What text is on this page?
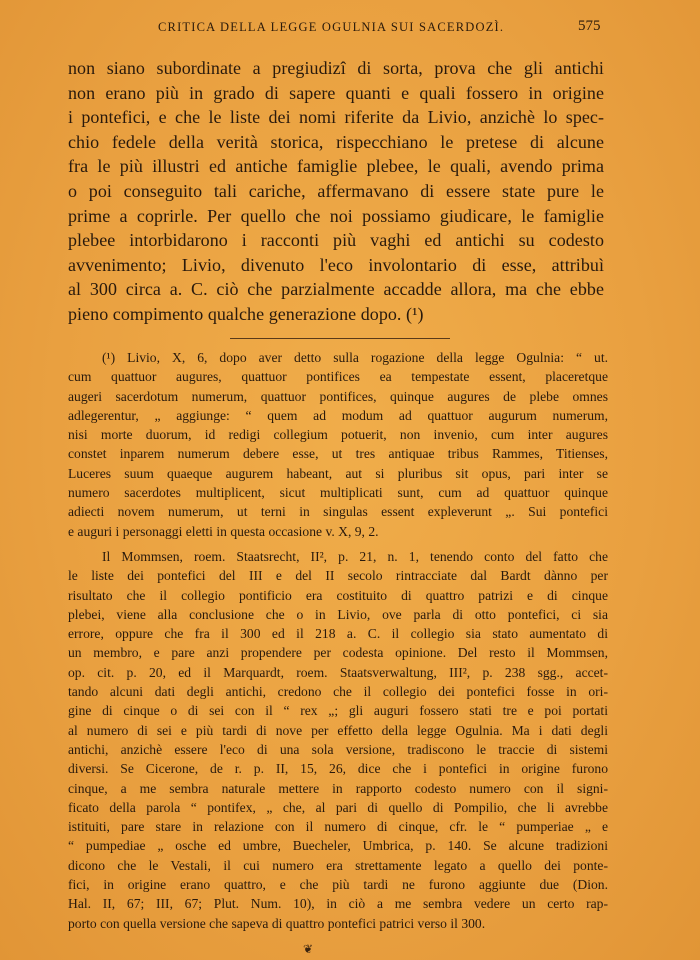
CRITICA DELLA LEGGE OGULNIA SUI SACERDOZÌ.	575
non siano subordinate a pregiudizî di sorta, prova che gli antichi
non erano più in grado di sapere quanti e quali fossero in origine
i pontefici, e che le liste dei nomi riferite da Livio, anzichè lo spec-
chio fedele della verità storica, rispecchiano le pretese di alcune
fra le più illustri ed antiche famiglie plebee, le quali, avendo prima
o poi conseguito tali cariche, affermavano di essere state pure le
prime a coprirle. Per quello che noi possiamo giudicare, le famiglie
plebee intorbidarono i racconti più vaghi ed antichi su codesto
avvenimento; Livio, divenuto l'eco involontario di esse, attribuì
al 300 circa a. C. ciò che parzialmente accadde allora, ma che ebbe
pieno compimento qualche generazione dopo. (¹)
(¹) Livio, X, 6, dopo aver detto sulla rogazione della legge Ogulnia: “ ut.
cum quattuor augures, quattuor pontifices ea tempestate essent, placeretque
augeri sacerdotum numerum, quattuor pontifices, quinque augures de plebe omnes
adlegerentur, „ aggiunge: “ quem ad modum ad quattuor augurum numerum,
nisi morte duorum, id redigi collegium potuerit, non invenio, cum inter augures
constet inparem numerum debere esse, ut tres antiquae tribus Rammes, Titienses,
Luceres suum quaeque augurem habeant, aut si pluribus sit opus, pari inter se
numero sacerdotes multiplicent, sicut multiplicati sunt, cum ad quattuor quinque
adiecti novem numerum, ut terni in singulas essent expleverunt „. Sui pontefici
e auguri i personaggi eletti in questa occasione v. X, 9, 2.
Il Mommsen, roem. Staatsrecht, II², p. 21, n. 1, tenendo conto del fatto che
le liste dei pontefici del III e del II secolo rintracciate dal Bardt dànno per
risultato che il collegio pontificio era costituito di quattro patrizi e di cinque
plebei, viene alla conclusione che o in Livio, ove parla di otto pontefici, ci sia
errore, oppure che fra il 300 ed il 218 a. C. il collegio sia stato aumentato di
un membro, e pare anzi propendere per codesta opinione. Del resto il Mommsen,
op. cit. p. 20, ed il Marquardt, roem. Staatsverwaltung, III², p. 238 sgg., accet-
tando alcuni dati degli antichi, credono che il collegio dei pontefici fosse in ori-
gine di cinque o di sei con il “ rex „; gli auguri fossero stati tre e poi portati
al numero di sei e più tardi di nove per effetto della legge Ogulnia. Ma i dati degli
antichi, anzichè essere l'eco di una sola versione, tradiscono le traccie di sistemi
diversi. Se Cicerone, de r. p. II, 15, 26, dice che i pontefici in origine furono
cinque, a me sembra naturale mettere in rapporto codesto numero con il signi-
ficato della parola “ pontifex, „ che, al pari di quello di Pompilio, che li avrebbe
istituiti, pare stare in relazione con il numero di cinque, cfr. le “ pumperiae „ e
“ pumpediae „ osche ed umbre, Buecheler, Umbrica, p. 140. Se alcune tradizioni
dicono che le Vestali, il cui numero era strettamente legato a quello dei ponte-
fici, in origine erano quattro, e che più tardi ne furono aggiunte due (Dion.
Hal. II, 67; III, 67; Plut. Num. 10), in ciò a me sembra vedere un certo rap-
porto con quella versione che sapeva di quattro pontefici patrici verso il 300.
❦
